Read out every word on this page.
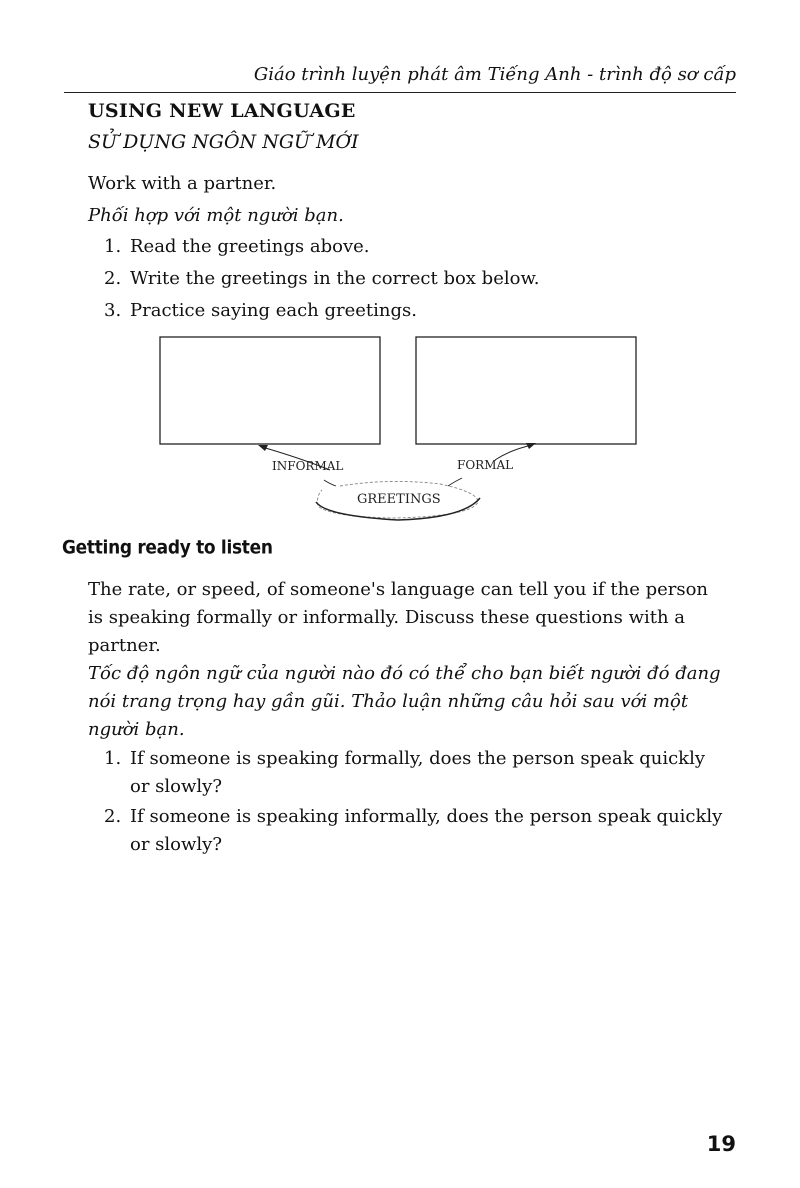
Giáo trình luyện phát âm Tiếng Anh - trình độ sơ cấp
USING NEW LANGUAGE
SỬ DỤNG NGÔN NGỮ MỚI
Work with a partner.
Phối hợp với một người bạn.
1. Read the greetings above.
2. Write the greetings in the correct box below.
3. Practice saying each greetings.
INFORMAL	FORMAL
GREETINGS
Getting ready to listen
The rate, or speed, of someone's language can tell you if the person
is speaking formally or informally. Discuss these questions with a
partner.
Tốc độ ngôn ngữ của người nào đó có thể cho bạn biết người đó đang
nói trang trọng hay gần gũi. Thảo luận những câu hỏi sau với một
người bạn.
1. If someone is speaking formally, does the person speak quickly
or slowly?
2. If someone is speaking informally, does the person speak quickly
or slowly?
19
